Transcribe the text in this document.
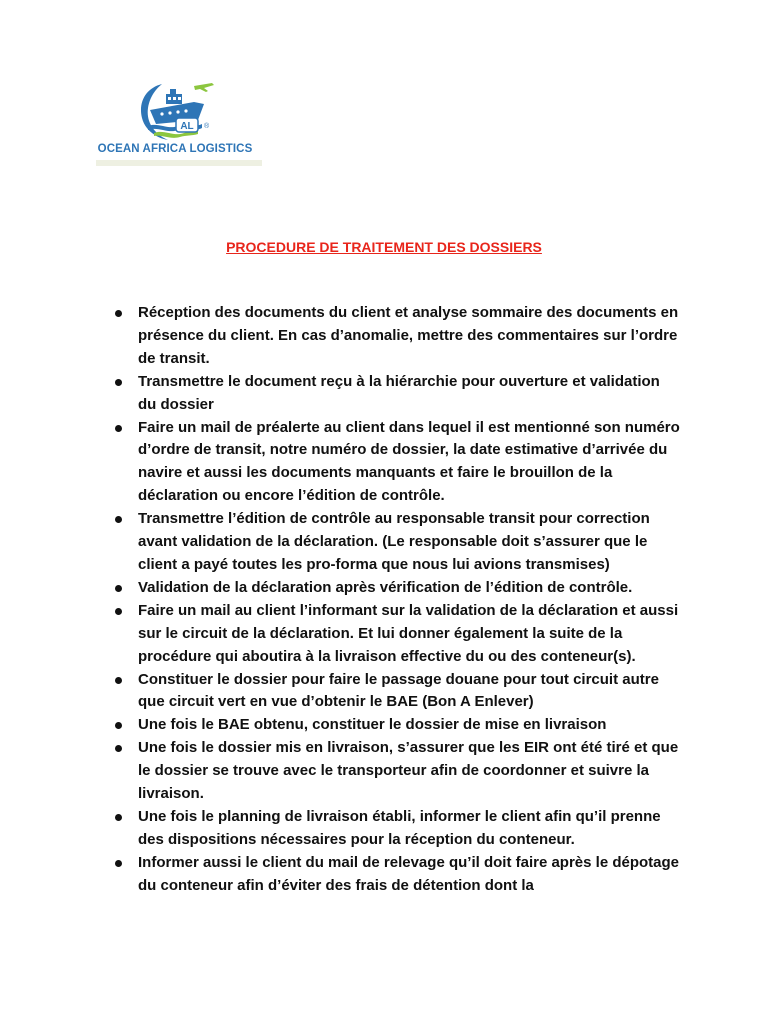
AL ®
OCEAN AFRICA LOGISTICS
PROCEDURE DE TRAITEMENT DES DOSSIERS
Réception des documents du client et analyse sommaire des documents en présence du client. En cas d’anomalie, mettre des commentaires sur l’ordre de transit.
Transmettre le document reçu à la hiérarchie pour ouverture et validation du dossier
Faire un mail de préalerte au client dans lequel il est mentionné son numéro d’ordre de transit, notre numéro de dossier, la date estimative d’arrivée du navire et aussi les documents manquants et faire le brouillon de la déclaration ou encore l’édition de contrôle.
Transmettre l’édition de contrôle au responsable transit pour correction avant validation de la déclaration. (Le responsable doit s’assurer que le client a payé toutes les pro-forma que nous lui avions transmises)
Validation de la déclaration après vérification de l’édition de contrôle.
Faire un mail au client l’informant sur la validation de la déclaration et aussi sur le circuit de la déclaration. Et lui donner également la suite de la procédure qui aboutira à la livraison effective du ou des conteneur(s).
Constituer le dossier pour faire le passage douane pour tout circuit autre que circuit vert en vue d’obtenir le BAE (Bon A Enlever)
Une fois le BAE obtenu, constituer le dossier de mise en livraison
Une fois le dossier mis en livraison, s’assurer que les EIR ont été tiré et que le dossier se trouve avec le transporteur afin de coordonner et suivre la livraison.
Une fois le planning de livraison établi, informer le client afin qu’il prenne des dispositions nécessaires pour la réception du conteneur.
Informer aussi le client du mail de relevage qu’il doit faire après le dépotage du conteneur afin d’éviter des frais de détention dont la
